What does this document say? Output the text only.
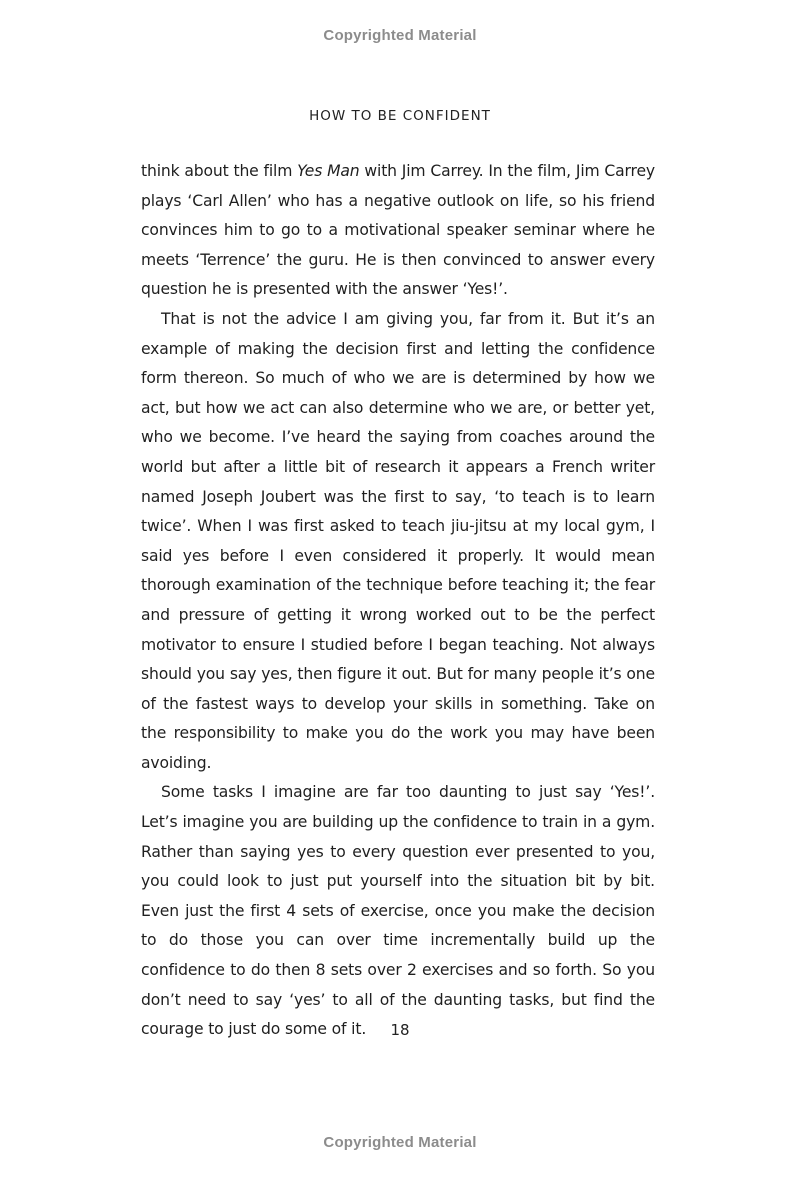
Copyrighted Material
HOW TO BE CONFIDENT

think about the film Yes Man with Jim Carrey. In the film, Jim Carrey plays ‘Carl Allen’ who has a negative outlook on life, so his friend convinces him to go to a motivational speaker seminar where he meets ‘Terrence’ the guru. He is then convinced to answer every question he is presented with the answer ‘Yes!’.

That is not the advice I am giving you, far from it. But it’s an example of making the decision first and letting the confidence form thereon. So much of who we are is determined by how we act, but how we act can also determine who we are, or better yet, who we become. I’ve heard the saying from coaches around the world but after a little bit of research it appears a French writer named Joseph Joubert was the first to say, ‘to teach is to learn twice’. When I was first asked to teach jiu-jitsu at my local gym, I said yes before I even considered it properly. It would mean thorough examination of the technique before teaching it; the fear and pressure of getting it wrong worked out to be the perfect motivator to ensure I studied before I began teaching. Not always should you say yes, then figure it out. But for many people it’s one of the fastest ways to develop your skills in something. Take on the responsibility to make you do the work you may have been avoiding.

Some tasks I imagine are far too daunting to just say ‘Yes!’. Let’s imagine you are building up the confidence to train in a gym. Rather than saying yes to every question ever presented to you, you could look to just put yourself into the situation bit by bit. Even just the first 4 sets of exercise, once you make the decision to do those you can over time incrementally build up the confidence to do then 8 sets over 2 exercises and so forth. So you don’t need to say ‘yes’ to all of the daunting tasks, but find the courage to just do some of it.	18
Copyrighted Material
